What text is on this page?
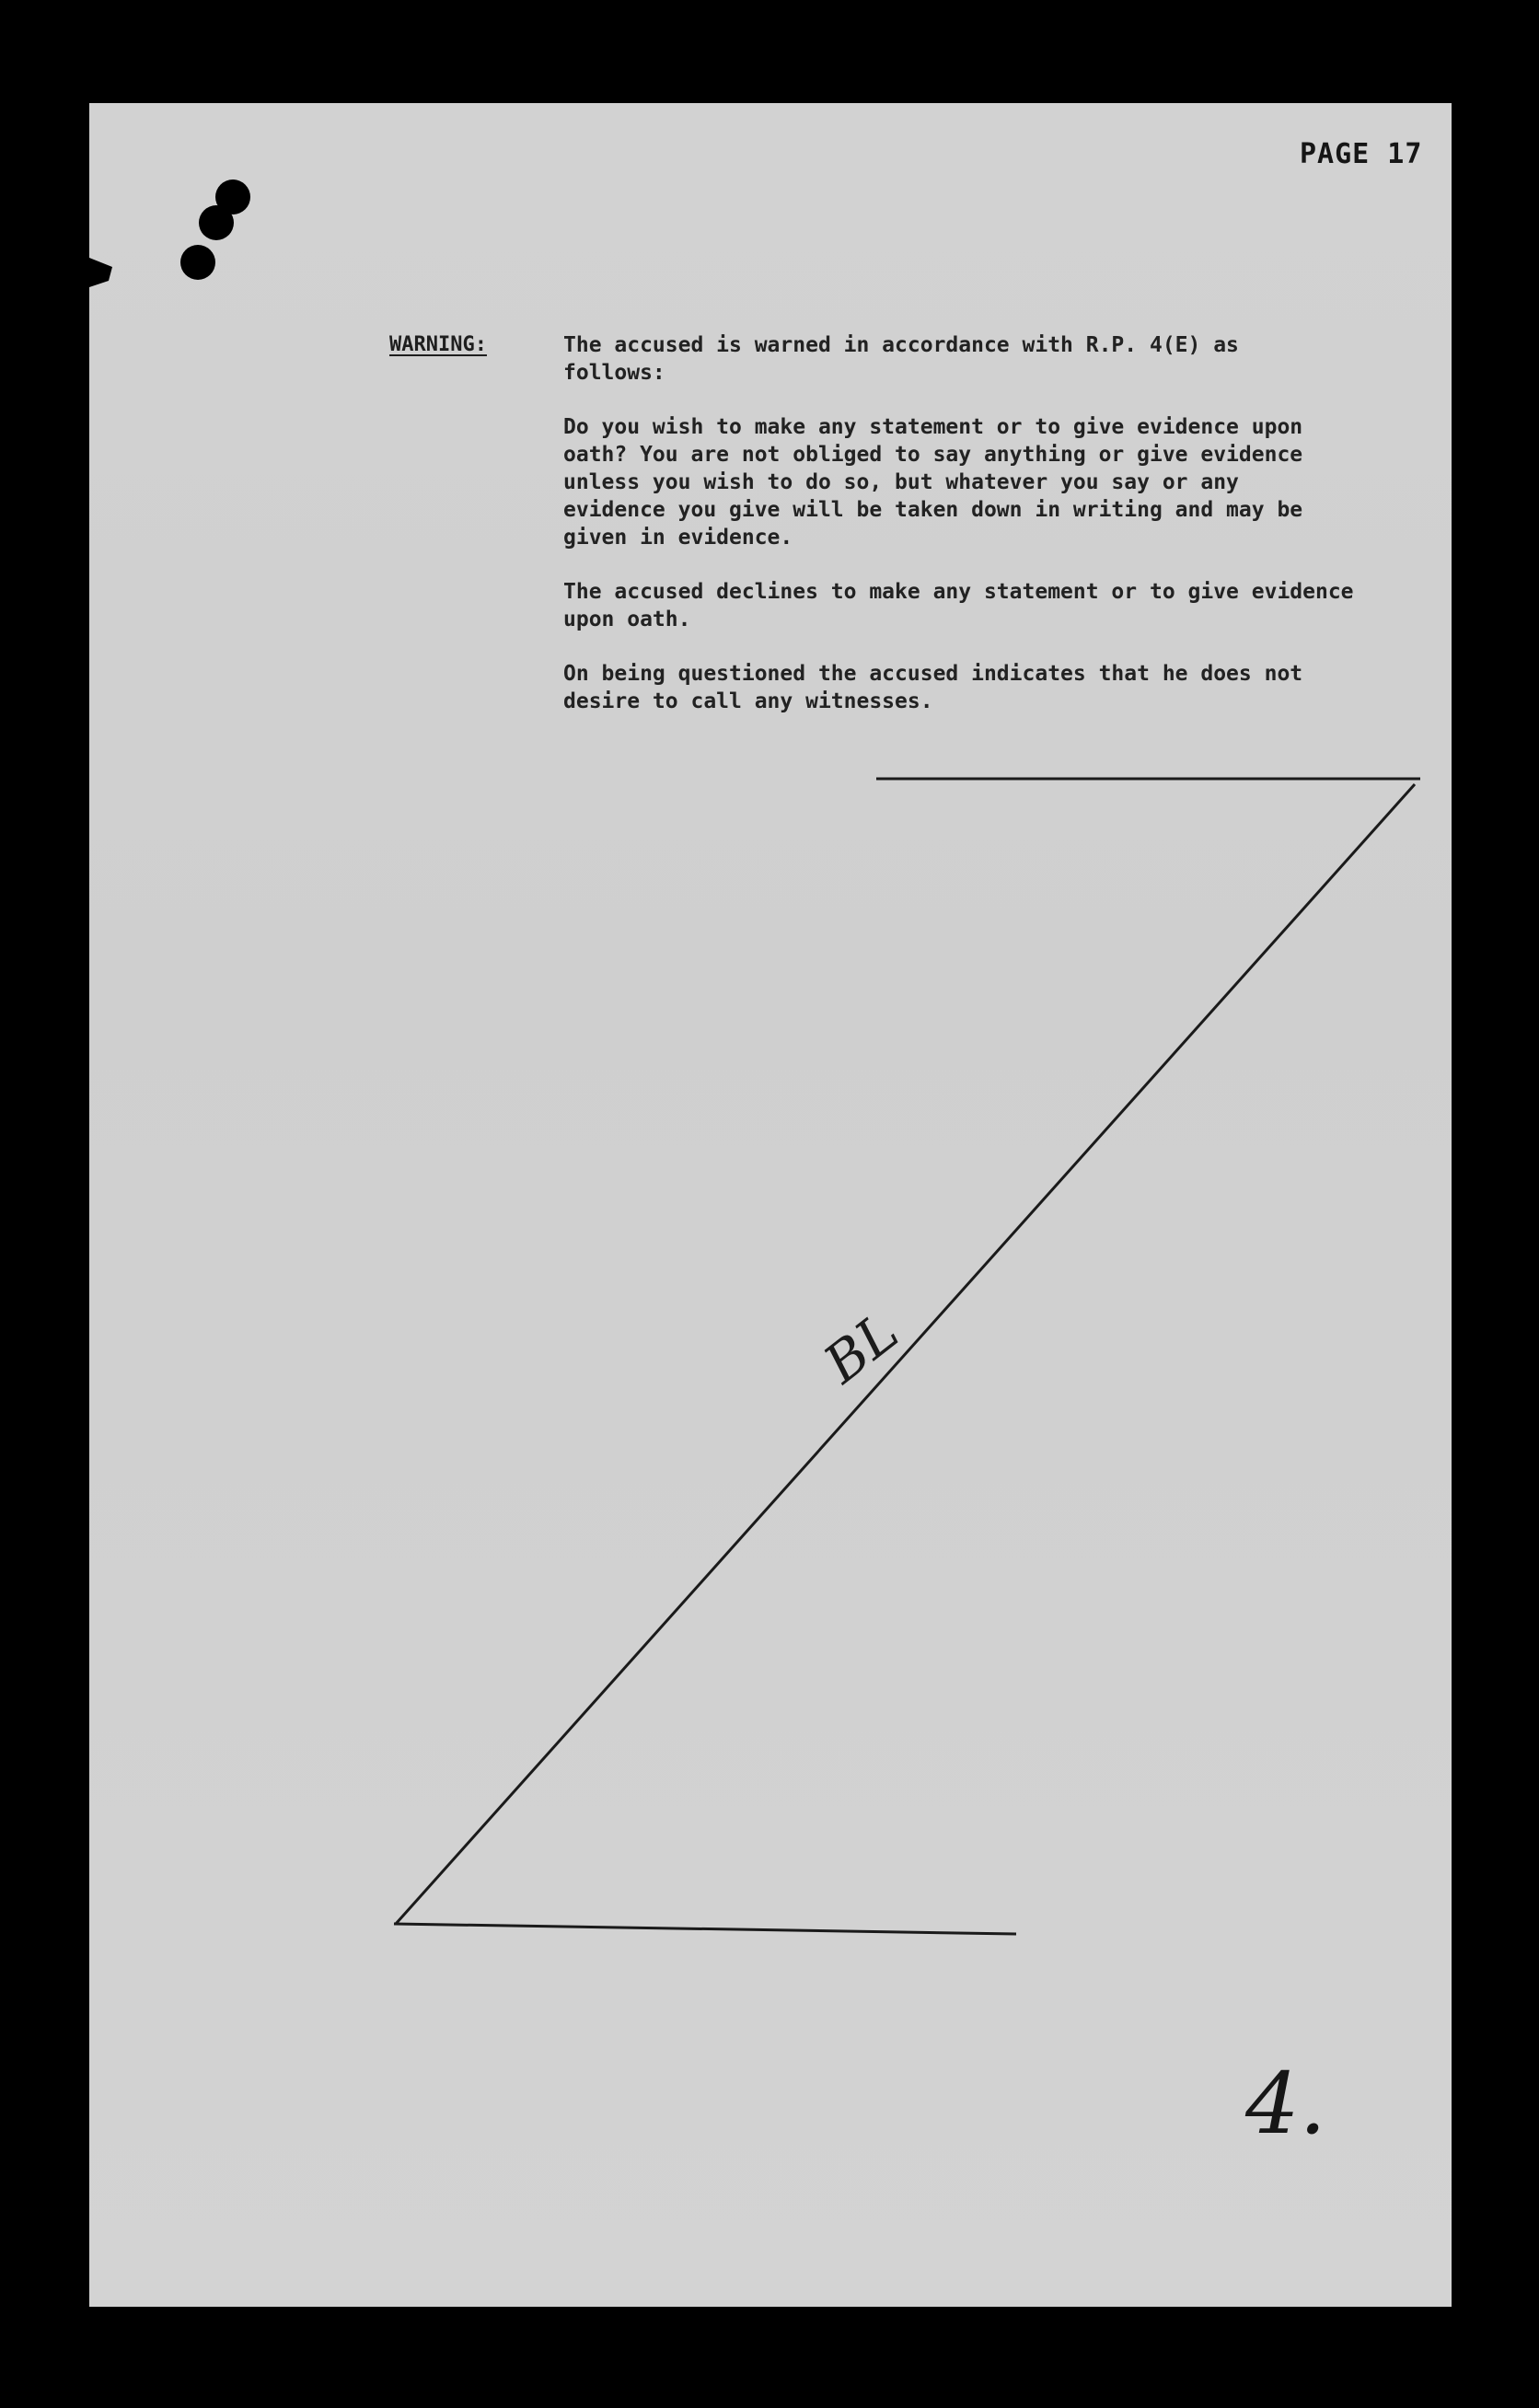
PAGE 17
WARNING:	The accused is warned in accordance with R.P. 4(E) as
follows:

Do you wish to make any statement or to give evidence upon
oath? You are not obliged to say anything or give evidence
unless you wish to do so, but whatever you say or any
evidence you give will be taken down in writing and may be
given in evidence.

The accused declines to make any statement or to give evidence
upon oath.

On being questioned the accused indicates that he does not
desire to call any witnesses.

BL
4.
